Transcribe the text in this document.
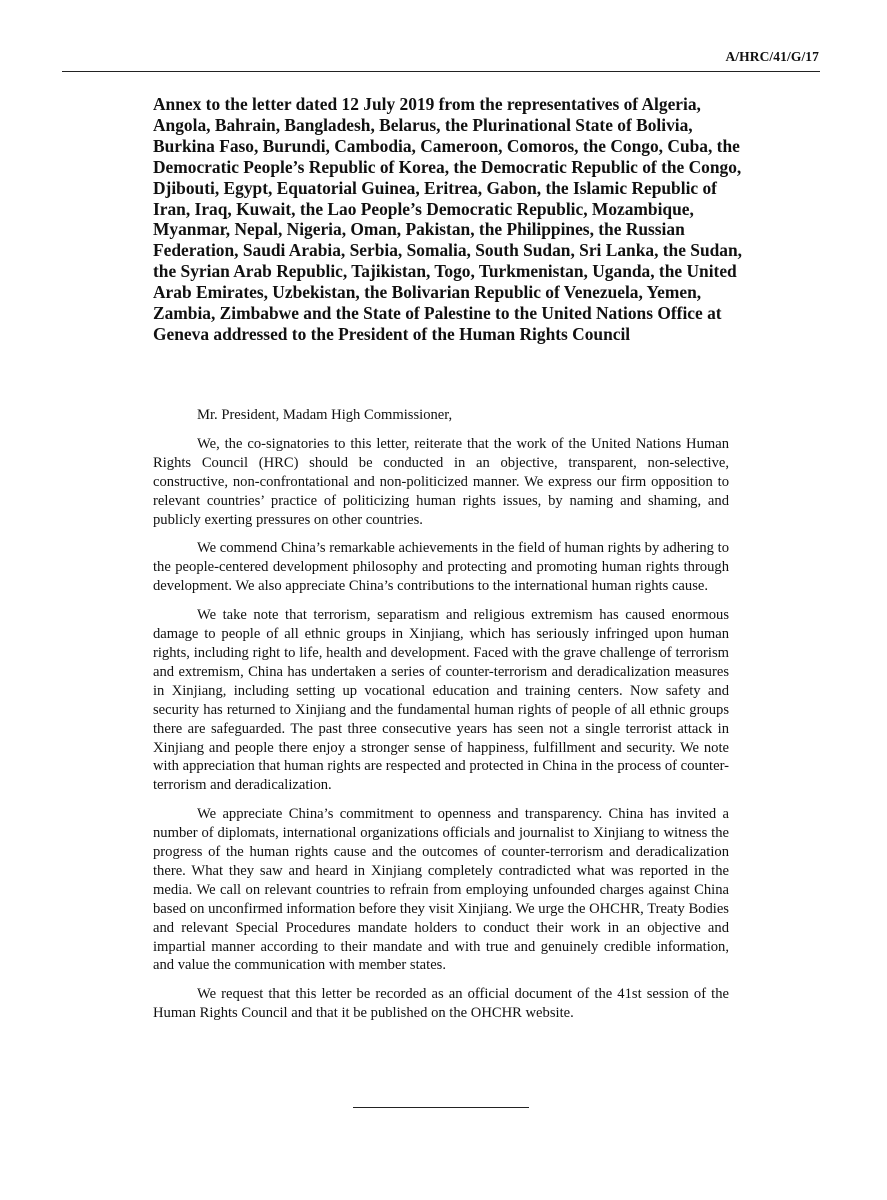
A/HRC/41/G/17
Annex to the letter dated 12 July 2019 from the representatives of Algeria, Angola, Bahrain, Bangladesh, Belarus, the Plurinational State of Bolivia, Burkina Faso, Burundi, Cambodia, Cameroon, Comoros, the Congo, Cuba, the Democratic People’s Republic of Korea, the Democratic Republic of the Congo, Djibouti, Egypt, Equatorial Guinea, Eritrea, Gabon, the Islamic Republic of Iran, Iraq, Kuwait, the Lao People’s Democratic Republic, Mozambique, Myanmar, Nepal, Nigeria, Oman, Pakistan, the Philippines, the Russian Federation, Saudi Arabia, Serbia, Somalia, South Sudan, Sri Lanka, the Sudan, the Syrian Arab Republic, Tajikistan, Togo, Turkmenistan, Uganda, the United Arab Emirates, Uzbekistan, the Bolivarian Republic of Venezuela, Yemen, Zambia, Zimbabwe and the State of Palestine to the United Nations Office at Geneva addressed to the President of the Human Rights Council

Mr. President, Madam High Commissioner,

We, the co-signatories to this letter, reiterate that the work of the United Nations Human Rights Council (HRC) should be conducted in an objective, transparent, non-selective, constructive, non-confrontational and non-politicized manner. We express our firm opposition to relevant countries’ practice of politicizing human rights issues, by naming and shaming, and publicly exerting pressures on other countries.

We commend China’s remarkable achievements in the field of human rights by adhering to the people-centered development philosophy and protecting and promoting human rights through development. We also appreciate China’s contributions to the international human rights cause.

We take note that terrorism, separatism and religious extremism has caused enormous damage to people of all ethnic groups in Xinjiang, which has seriously infringed upon human rights, including right to life, health and development. Faced with the grave challenge of terrorism and extremism, China has undertaken a series of counter-terrorism and deradicalization measures in Xinjiang, including setting up vocational education and training centers. Now safety and security has returned to Xinjiang and the fundamental human rights of people of all ethnic groups there are safeguarded. The past three consecutive years has seen not a single terrorist attack in Xinjiang and people there enjoy a stronger sense of happiness, fulfillment and security. We note with appreciation that human rights are respected and protected in China in the process of counter-terrorism and deradicalization.

We appreciate China’s commitment to openness and transparency. China has invited a number of diplomats, international organizations officials and journalist to Xinjiang to witness the progress of the human rights cause and the outcomes of counter-terrorism and deradicalization there. What they saw and heard in Xinjiang completely contradicted what was reported in the media. We call on relevant countries to refrain from employing unfounded charges against China based on unconfirmed information before they visit Xinjiang. We urge the OHCHR, Treaty Bodies and relevant Special Procedures mandate holders to conduct their work in an objective and impartial manner according to their mandate and with true and genuinely credible information, and value the communication with member states.

We request that this letter be recorded as an official document of the 41st session of the Human Rights Council and that it be published on the OHCHR website.
